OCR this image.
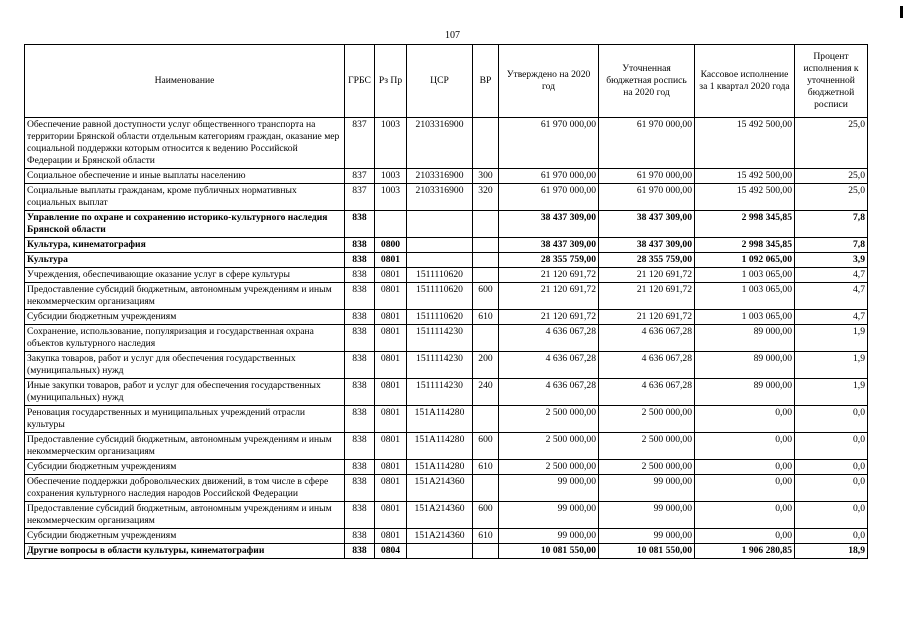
107
Наименование	ГРБС	Рз Пр	ЦСР	ВР	Утверждено на 2020 год	Уточненная бюджетная роспись на 2020 год	Кассовое исполнение за 1 квартал 2020 года	Процент исполнения к уточненной бюджетной росписи
Обеспечение равной доступности услуг общественного транспорта на территории Брянской области отдельным категориям граждан, оказание мер социальной поддержки которым относится к ведению Российской Федерации и Брянской области	837	1003	2103316900		61 970 000,00	61 970 000,00	15 492 500,00	25,0
Социальное обеспечение и иные выплаты населению	837	1003	2103316900	300	61 970 000,00	61 970 000,00	15 492 500,00	25,0
Социальные выплаты гражданам, кроме публичных нормативных социальных выплат	837	1003	2103316900	320	61 970 000,00	61 970 000,00	15 492 500,00	25,0
Управление по охране и сохранению историко-культурного наследия Брянской области	838				38 437 309,00	38 437 309,00	2 998 345,85	7,8
Культура, кинематография	838	0800			38 437 309,00	38 437 309,00	2 998 345,85	7,8
Культура	838	0801			28 355 759,00	28 355 759,00	1 092 065,00	3,9
Учреждения, обеспечивающие оказание услуг в сфере культуры	838	0801	1511110620		21 120 691,72	21 120 691,72	1 003 065,00	4,7
Предоставление субсидий бюджетным, автономным учреждениям и иным некоммерческим организациям	838	0801	1511110620	600	21 120 691,72	21 120 691,72	1 003 065,00	4,7
Субсидии бюджетным учреждениям	838	0801	1511110620	610	21 120 691,72	21 120 691,72	1 003 065,00	4,7
Сохранение, использование, популяризация и государственная охрана объектов культурного наследия	838	0801	1511114230		4 636 067,28	4 636 067,28	89 000,00	1,9
Закупка товаров, работ и услуг для обеспечения государственных (муниципальных) нужд	838	0801	1511114230	200	4 636 067,28	4 636 067,28	89 000,00	1,9
Иные закупки товаров, работ и услуг для обеспечения государственных (муниципальных) нужд	838	0801	1511114230	240	4 636 067,28	4 636 067,28	89 000,00	1,9
Реновация государственных и муниципальных учреждений отрасли культуры	838	0801	151A114280		2 500 000,00	2 500 000,00	0,00	0,0
Предоставление субсидий бюджетным, автономным учреждениям и иным некоммерческим организациям	838	0801	151A114280	600	2 500 000,00	2 500 000,00	0,00	0,0
Субсидии бюджетным учреждениям	838	0801	151A114280	610	2 500 000,00	2 500 000,00	0,00	0,0
Обеспечение поддержки добровольческих движений, в том числе в сфере сохранения культурного наследия народов Российской Федерации	838	0801	151A214360		99 000,00	99 000,00	0,00	0,0
Предоставление субсидий бюджетным, автономным учреждениям и иным некоммерческим организациям	838	0801	151A214360	600	99 000,00	99 000,00	0,00	0,0
Субсидии бюджетным учреждениям	838	0801	151A214360	610	99 000,00	99 000,00	0,00	0,0
Другие вопросы в области культуры, кинематографии	838	0804			10 081 550,00	10 081 550,00	1 906 280,85	18,9
